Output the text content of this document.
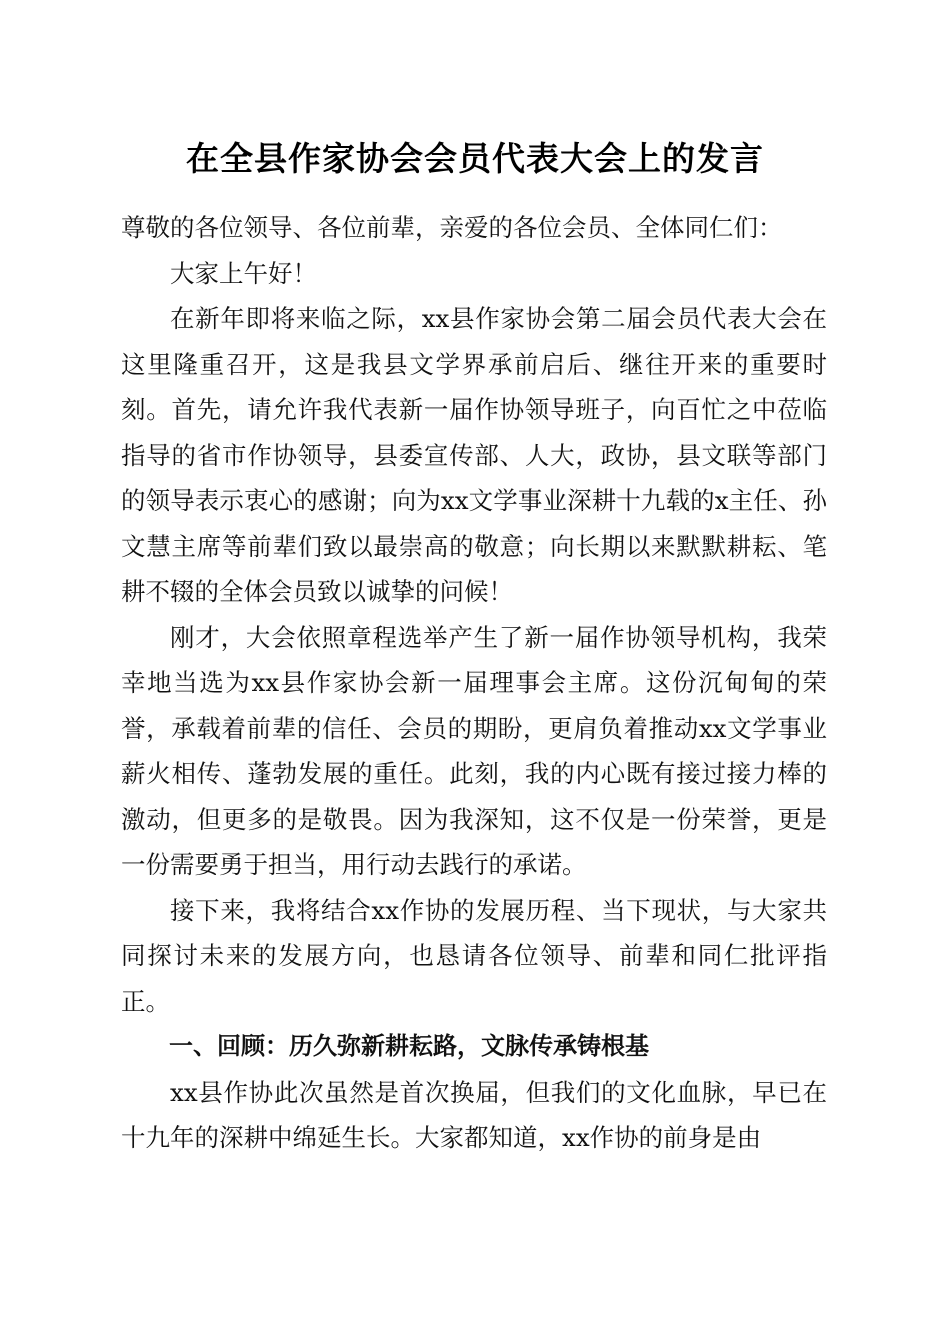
在全县作家协会会员代表大会上的发言

尊敬的各位领导、各位前辈，亲爱的各位会员、全体同仁们：

大家上午好！

在新年即将来临之际，xx县作家协会第二届会员代表大会在这里隆重召开，这是我县文学界承前启后、继往开来的重要时刻。首先，请允许我代表新一届作协领导班子，向百忙之中莅临指导的省市作协领导，县委宣传部、人大，政协，县文联等部门的领导表示衷心的感谢；向为xx文学事业深耕十九载的x主任、孙文慧主席等前辈们致以最崇高的敬意；向长期以来默默耕耘、笔耕不辍的全体会员致以诚挚的问候！

刚才，大会依照章程选举产生了新一届作协领导机构，我荣幸地当选为xx县作家协会新一届理事会主席。这份沉甸甸的荣誉，承载着前辈的信任、会员的期盼，更肩负着推动xx文学事业薪火相传、蓬勃发展的重任。此刻，我的内心既有接过接力棒的激动，但更多的是敬畏。因为我深知，这不仅是一份荣誉，更是一份需要勇于担当，用行动去践行的承诺。

接下来，我将结合xx作协的发展历程、当下现状，与大家共同探讨未来的发展方向，也恳请各位领导、前辈和同仁批评指正。

一、回顾：历久弥新耕耘路，文脉传承铸根基

xx县作协此次虽然是首次换届，但我们的文化血脉，早已在十九年的深耕中绵延生长。大家都知道，xx作协的前身是由
